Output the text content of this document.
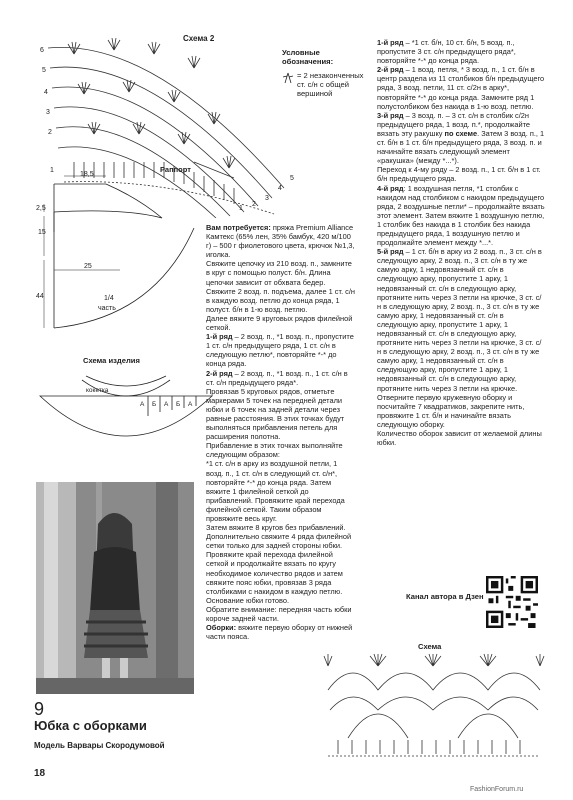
Схема 2
6
5
4
3
2
1
1
2
3
4
5
Раппорт
Условные обозначения:
= 2 незаконченных ст. с/н с общей вершиной
18,5
2,5
15
25
1/4
часть
44
Схема изделия
кокетка
А Б А Б А

Вам потребуется: пряжа Premium Alliance Камтекс (65% лен, 35% бамбук, 420 м/100 г) – 500 г фиолетового цвета, крючок №1,3, иголка.

Свяжите цепочку из 210 возд. п., замкните в круг с помощью полуст. б/н. Длина цепочки зависит от обхвата бедер. Свяжите 2 возд. п. подъема, далее 1 ст. с/н в каждую возд. петлю до конца ряда, 1 полуст. б/н в 1-ю возд. петлю.

Далее вяжите 9 круговых рядов филейной сеткой.

1-й ряд – 2 возд. п., *1 возд. п., пропустите 1 ст. с/н предыдущего ряда, 1 ст. с/н в следующую петлю*, повторяйте *-* до конца ряда.

2-й ряд – 2 возд. п., *1 возд. п., 1 ст. с/н в ст. с/н предыдущего ряда*.

Провязав 5 круговых рядов, отметьте маркерами 5 точек на передней детали юбки и 6 точек на задней детали через равные расстояния. В этих точках будут выполняться прибавления петель для расширения полотна.

Прибавление в этих точках выполняйте следующим образом:

*1 ст. с/н в арку из воздушной петли, 1 возд. п., 1 ст. с/н в следующий ст. с/н*, повторяйте *-* до конца ряда. Затем вяжите 1 филейной сеткой до прибавлений. Провяжите край перехода филейной сеткой. Таким образом провяжите весь круг.

Затем вяжите 8 кругов без прибавлений. Дополнительно свяжите 4 ряда филейной сетки только для задней стороны юбки. Провяжите край перехода филейной сеткой и продолжайте вязать по кругу необходимое количество рядов и затем свяжите пояс юбки, провязав 3 ряда столбиками с накидом в каждую петлю. Основание юбки готово.

Обратите внимание: передняя часть юбки короче задней части.

Оборки: вяжите первую оборку от нижней части пояса.

1-й ряд – *1 ст. б/н, 10 ст. б/н, 5 возд. п., пропустите 3 ст. с/н предыдущего ряда*, повторяйте *-* до конца ряда.

2-й ряд – 1 возд. петля, * 3 возд. п., 1 ст. б/н в центр раздела из 11 столбиков б/н предыдущего ряда, 3 возд. петли, 11 ст. с/2н в арку*, повторяйте *-* до конца ряда. Замкните ряд 1 полуcтолбиком без накида в 1-ю возд. петлю.

3-й ряд – 3 возд. п. – 3 ст. с/н в столбик с/2н предыдущего ряда, 1 возд. п.*, продолжайте вязать эту ракушку по схеме. Затем 3 возд. п., 1 ст. б/н в 1 ст. б/н предыдущего ряда, 3 возд. п. и начинайте вязать следующий элемент «ракушка» (между *...*).

Переход к 4-му ряду – 2 возд. п., 1 ст. б/н в 1 ст. б/н предыдущего ряда.

4-й ряд: 1 воздушная петля, *1 столбик с накидом над столбиком с накидом предыдущего ряда, 2 воздушные петли* – продолжайте вязать этот элемент. Затем вяжите 1 воздушную петлю, 1 столбик без накида в 1 столбик без накида предыдущего ряда, 1 воздушную петлю и продолжайте элемент между *...*.

5-й ряд – 1 ст. б/н в арку из 2 возд. п., 3 ст. с/н в следующую арку, 2 возд. п., 3 ст. с/н в ту же самую арку, 1 недовязанный ст. с/н в следующую арку, пропустите 1 арку, 1 недовязанный ст. с/н в следующую арку, протяните нить через 3 петли на крючке, 3 ст. с/н в следующую арку, 2 возд. п., 3 ст. с/н в ту же самую арку, 1 недовязанный ст. с/н в следующую арку, пропустите 1 арку, 1 недовязанный ст. с/н в следующую арку, протяните нить через 3 петли на крючке, 3 ст. с/н в следующую арку, 2 возд. п., 3 ст. с/н в ту же самую арку, 1 недовязанный ст. с/н в следующую арку, пропустите 1 арку, 1 недовязанный ст. с/н в следующую арку, протяните нить через 3 петли на крючке.

Отверните первую кружевную оборку и посчитайте 7 квадратиков, закрепите нить, провяжите 1 ст. б/н и начинайте вязать следующую оборку.

Количество оборок зависит от желаемой длины юбки.

Канал автора в Дзен
Схема
9
Юбка с оборками
Модель Варвары Скородумовой
18
FashionForum.ru
